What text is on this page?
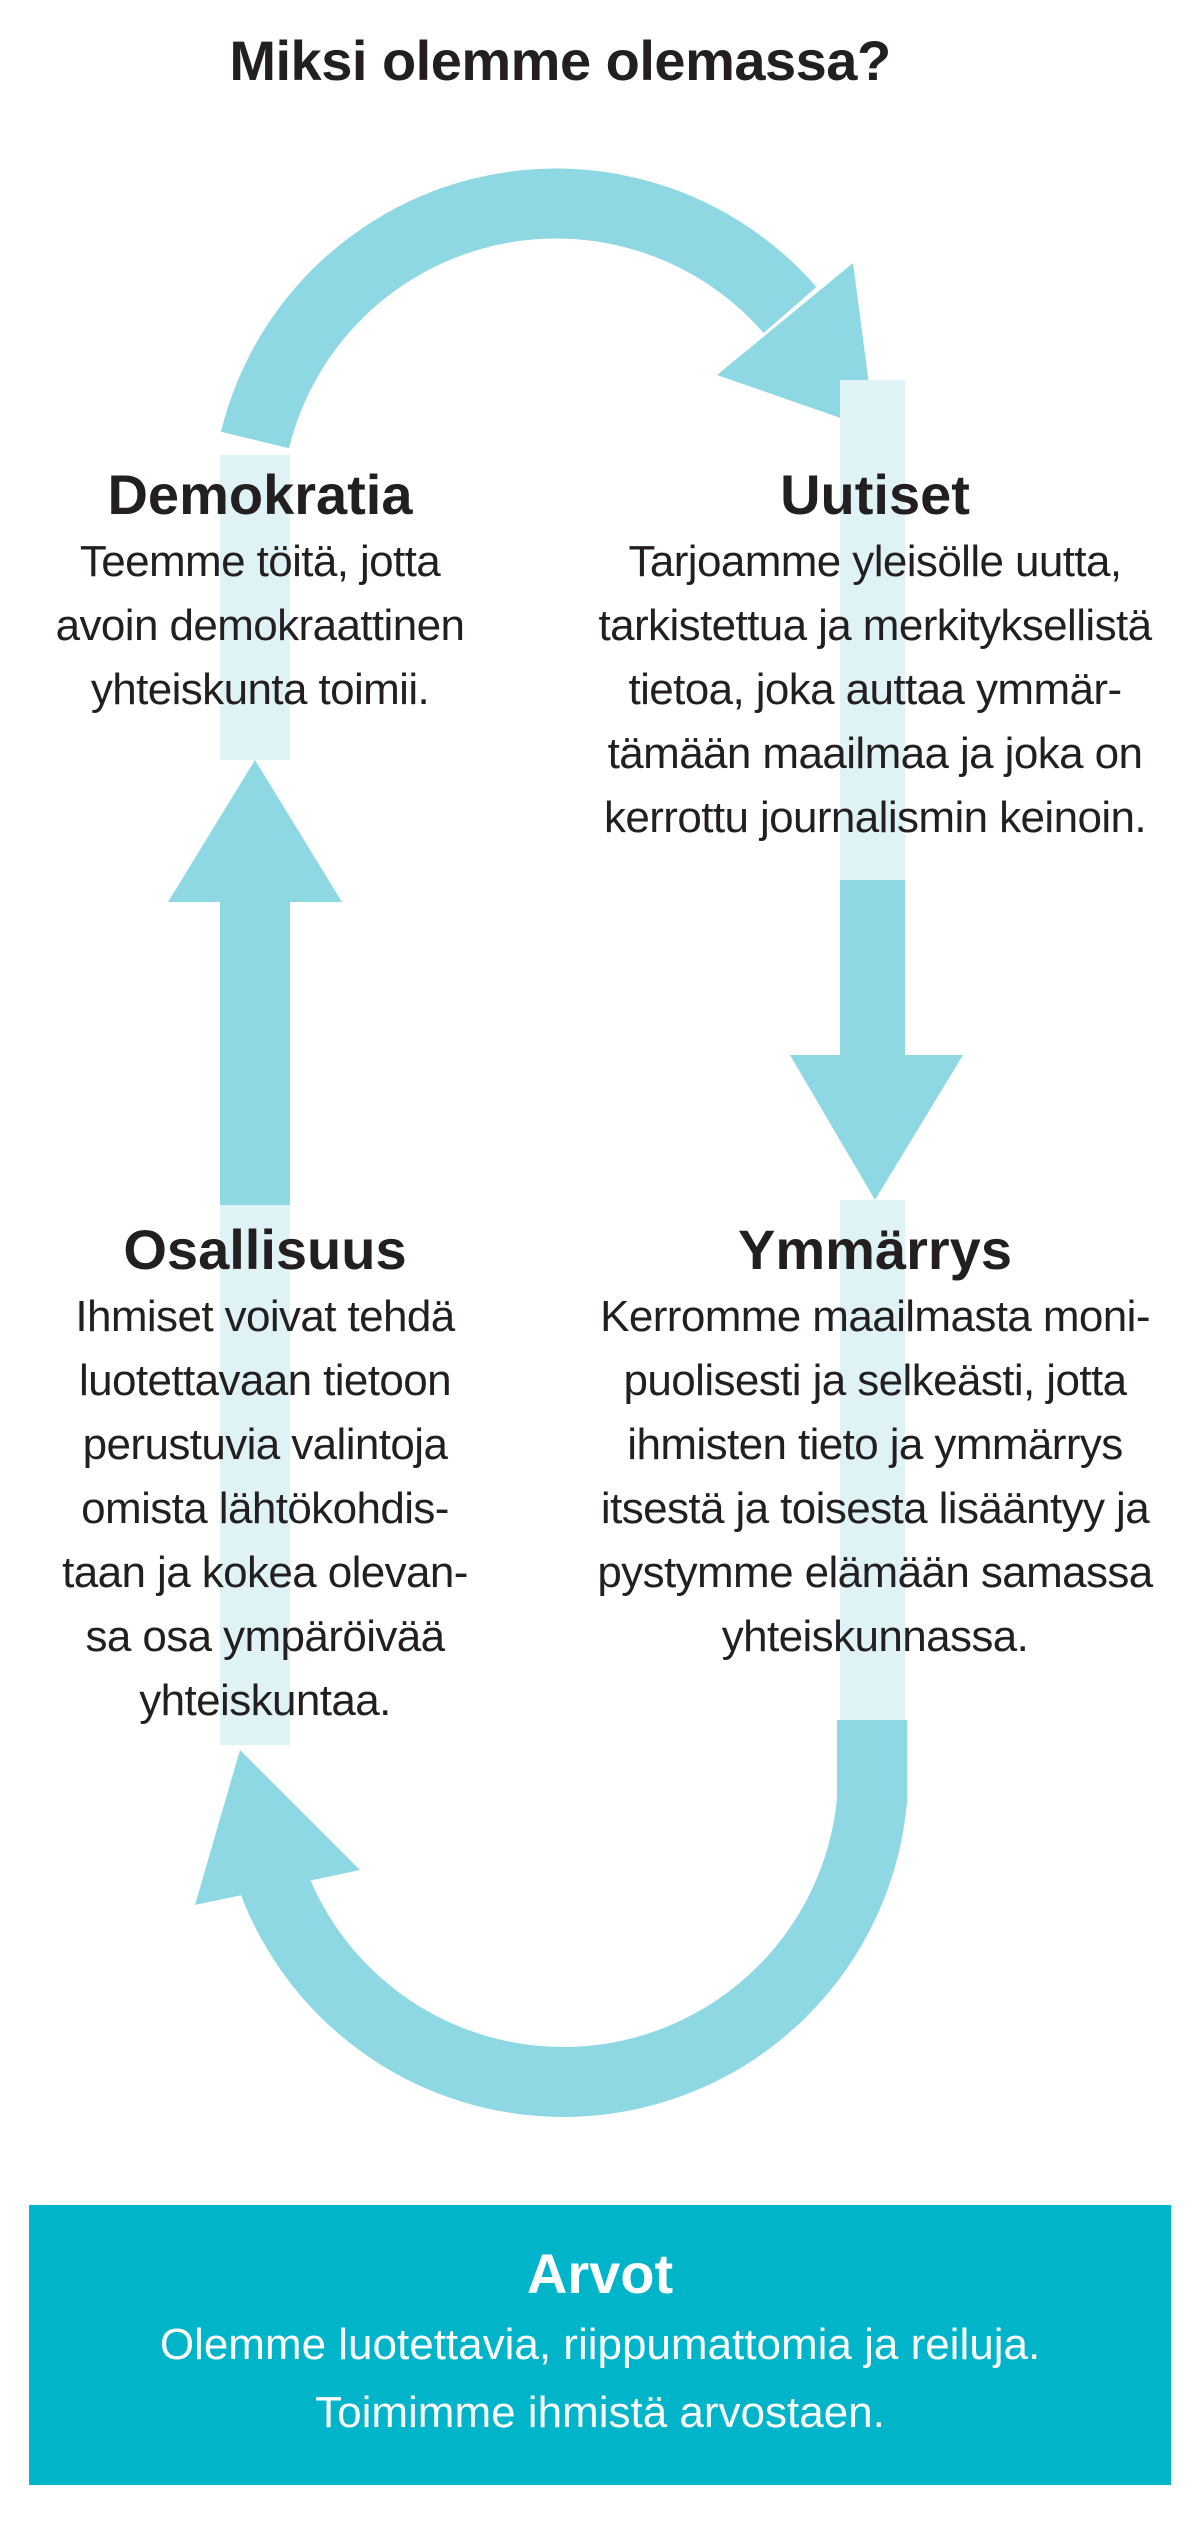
Miksi olemme olemassa?

Demokratia

Teemme töitä, jotta

avoin demokraattinen

yhteiskunta toimii.

Uutiset

Tarjoamme yleisölle uutta,

tarkistettua ja merkityksellistä

tietoa, joka auttaa ymmär-

tämään maailmaa ja joka on

kerrottu journalismin keinoin.

Osallisuus

Ihmiset voivat tehdä

luotettavaan tietoon

perustuvia valintoja

omista lähtökohdis-

taan ja kokea olevan-

sa osa ympäröivää

yhteiskuntaa.

Ymmärrys

Kerromme maailmasta moni-

puolisesti ja selkeästi, jotta

ihmisten tieto ja ymmärrys

itsestä ja toisesta lisääntyy ja

pystymme elämään samassa

yhteiskunnassa.

Arvot

Olemme luotettavia, riippumattomia ja reiluja.

Toimimme ihmistä arvostaen.
